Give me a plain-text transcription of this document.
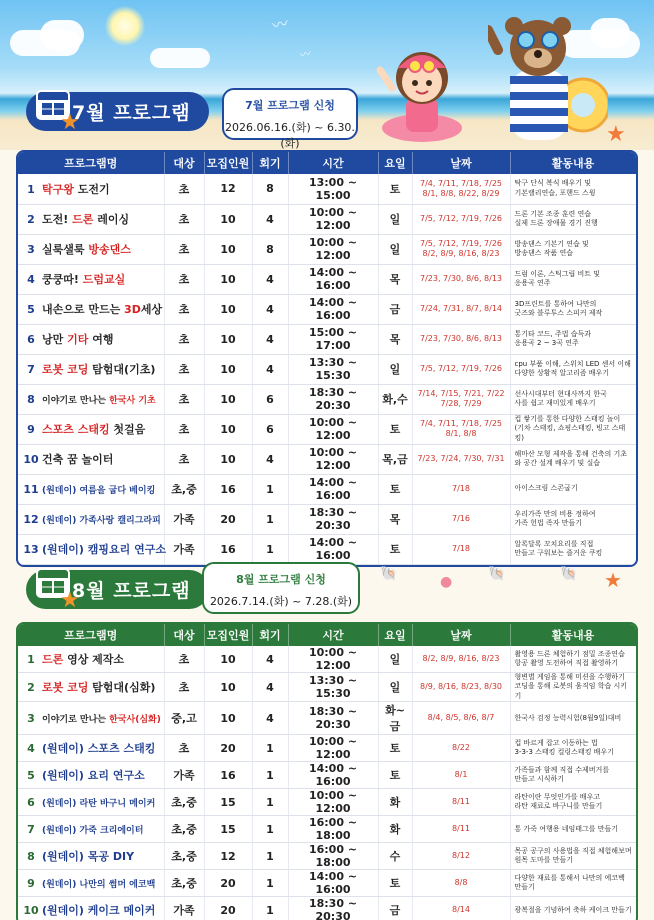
〰
〰
★
7월 프로그램
★
7월 프로그램 신청
2026.06.16.(화) ~ 6.30.(화)
프로그램명	대상	모집인원	회기	시간	요일	날짜	활동내용
1 탁구왕 도전기	초	12	8	13:00 ~ 15:00	토	7/4, 7/11, 7/18, 7/25
8/1, 8/8, 8/22, 8/29	탁구 단식 복식 배우기 및
기본랠리연습, 포핸드 스윙
2 도전! 드론 레이싱	초	10	4	10:00 ~ 12:00	일	7/5, 7/12, 7/19, 7/26	드론 기본 조종 훈련 연습
실제 드론 장애물 경기 진행
3 실룩샐룩 방송댄스	초	10	8	10:00 ~ 12:00	일	7/5, 7/12, 7/19, 7/26
8/2, 8/9, 8/16, 8/23	방송댄스 기본기 연습 및
방송댄스 작품 연습
4 쿵쿵따! 드럼교실	초	10	4	14:00 ~ 16:00	목	7/23, 7/30, 8/6, 8/13	드럼 이론, 스틱그립 비트 및
응용곡 연주
5 내손으로 만드는 3D세상	초	10	4	14:00 ~ 16:00	금	7/24, 7/31, 8/7, 8/14	3D프린트를 통하여 나만의
굿즈와 블루투스 스피커 제작
6 낭만 기타 여행	초	10	4	15:00 ~ 17:00	목	7/23, 7/30, 8/6, 8/13	통기타 코드, 주법 습득과
응용곡 2 ~ 3곡 연주
7 로봇 코딩 탐험대(기초)	초	10	4	13:30 ~ 15:30	일	7/5, 7/12, 7/19, 7/26	cpu 부품 이해, 스위치 LED 센서 이해
다양한 상황적 알고리즘 배우기
8 이야기로 만나는 한국사 기초	초	10	6	18:30 ~ 20:30	화,수	7/14, 7/15, 7/21, 7/22
7/28, 7/29	선사시대부터 현대사까지 한국
사를 쉽고 재미있게 배우기
9 스포츠 스태킹 첫걸음	초	10	6	10:00 ~ 12:00	토	7/4, 7/11, 7/18, 7/25
8/1, 8/8	컵 쌓기를 통한 다양한 스태킹 놀이
(기차 스태킹, 쇼핑스태킹, 빙고 스태킹)
10 건축 꿈 놀이터	초	10	4	10:00 ~ 12:00	목,금	7/23, 7/24, 7/30, 7/31	해마산 모형 제작을 통해 건축의 기초
와 공간 설계 배우기 및 실습
11 (원데이) 여름을 굽다 베이킹	초,중	16	1	14:00 ~ 16:00	토	7/18	아이스크림 스콘굽기
12 (원데이) 가족사랑 캘리그라피	가족	20	1	18:30 ~ 20:30	목	7/16	우리가족 만의 비용 정하여
가족 헌법 족자 만들기
13 (원데이) 캠핑요리 연구소	가족	16	1	14:00 ~ 16:00	토	7/18	알록달록 꼬치요리를 직접
만들고 구워보는 즐거운 쿠킹
🐚	●	🐚	🐚 ★
8월 프로그램
★
8월 프로그램 신청
2026.7.14.(화) ~ 7.28.(화)
프로그램명	대상	모집인원	회기	시간	요일	날짜	활동내용
1 드론 영상 제작소	초	10	4	10:00 ~ 12:00	일	8/2, 8/9, 8/16, 8/23	촬영용 드론 체험하기 점밀 조종연습
항공 촬영 도전하여 직접 촬영하기
2 로봇 코딩 탐험대(심화)	초	10	4	13:30 ~ 15:30	일	8/9, 8/16, 8/23, 8/30	형변별 게임을 통해 미션을 수행하기
코딩을 통해 로봇의 움직임 학습 시키기
3 이야기로 만나는 한국사(심화)	중,고	10	4	18:30 ~ 20:30	화~금	8/4, 8/5, 8/6, 8/7	한국사 검정 능력시험(8월9일)대비
4 (원데이) 스포츠 스태킹	초	20	1	10:00 ~ 12:00	토	8/22	컵 바르게 잡고 이동하는 법
3-3-3 스태킹 컬링스태킹 배우기
5 (원데이) 요리 연구소	가족	16	1	14:00 ~ 16:00	토	8/1	가족들과 함께 직접 수제버거를
만들고 시식하기
6 (원데이) 라탄 바구니 메이커	초,중	15	1	10:00 ~ 12:00	화	8/11	라탄이란 무엇인가를 배우고
라탄 재료로 바구니를 만들기
7 (원데이) 가죽 크리에이터	초,중	15	1	16:00 ~ 18:00	화	8/11	통 가죽 여행용 네임태그를 만들기
8 (원데이) 목공 DIY	초,중	12	1	16:00 ~ 18:00	수	8/12	목공 공구의 사용법을 직접 체험해보며
원목 도마를 만들기
9 (원데이) 나만의 썸머 에코백	초,중	20	1	14:00 ~ 16:00	토	8/8	다양한 재료를 통해서 나만의 에코백
만들기
10 (원데이) 케이크 메이커	가족	20	1	18:30 ~ 20:30	금	8/14	광복절을 기념하여 축하 케이크 만들기
